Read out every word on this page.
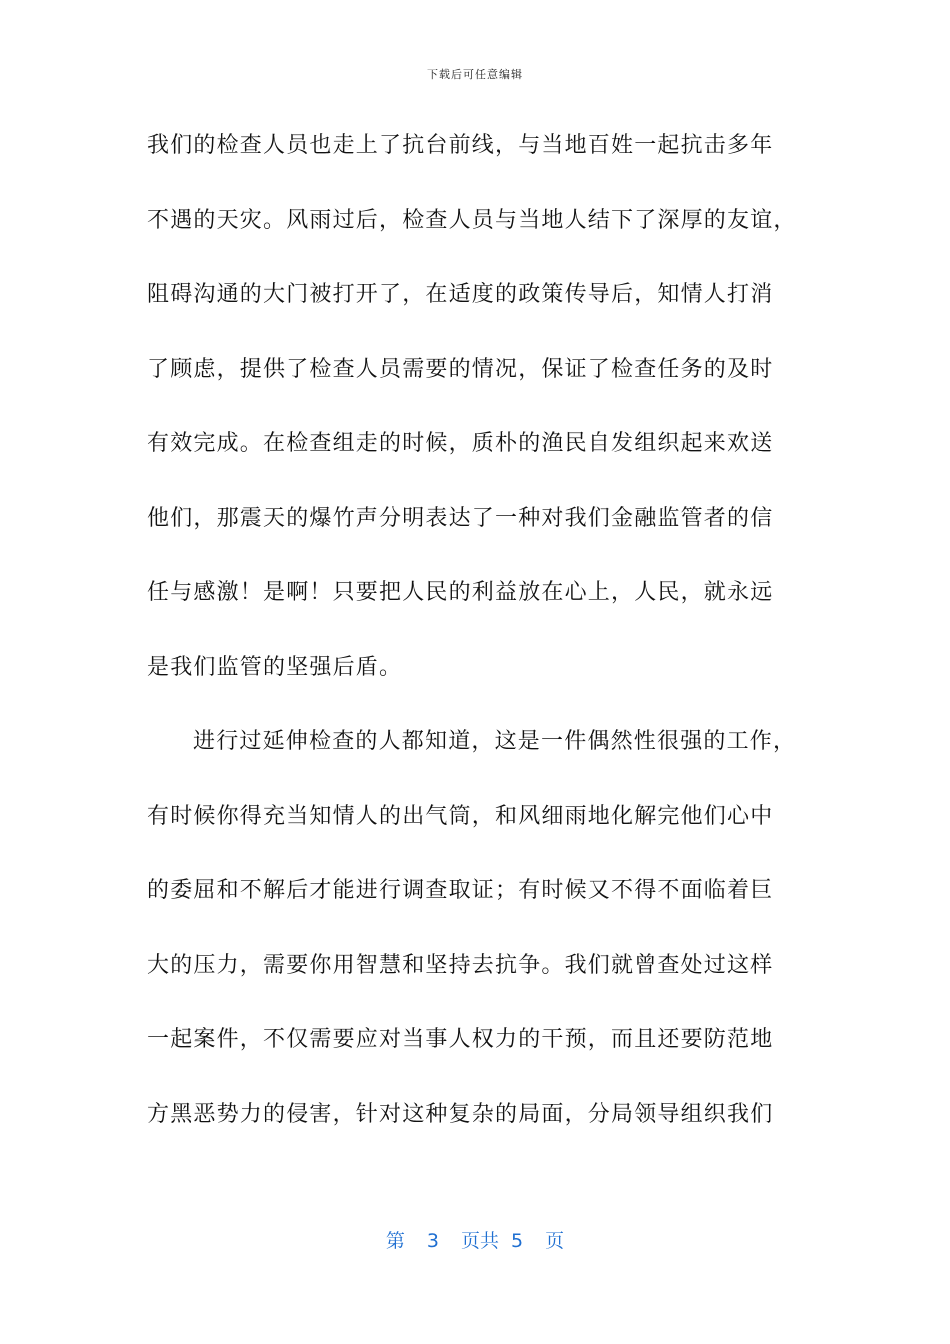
下载后可任意编辑
我们的检查人员也走上了抗台前线，与当地百姓一起抗击多年
不遇的天灾。风雨过后，检查人员与当地人结下了深厚的友谊，
阻碍沟通的大门被打开了，在适度的政策传导后，知情人打消
了顾虑，提供了检查人员需要的情况，保证了检查任务的及时
有效完成。在检查组走的时候，质朴的渔民自发组织起来欢送
他们，那震天的爆竹声分明表达了一种对我们金融监管者的信
任与感激！是啊！只要把人民的利益放在心上，人民，就永远
是我们监管的坚强后盾。
进行过延伸检查的人都知道，这是一件偶然性很强的工作，
有时候你得充当知情人的出气筒，和风细雨地化解完他们心中
的委屈和不解后才能进行调查取证；有时候又不得不面临着巨
大的压力，需要你用智慧和坚持去抗争。我们就曾查处过这样
一起案件，不仅需要应对当事人权力的干预，而且还要防范地
方黑恶势力的侵害，针对这种复杂的局面，分局领导组织我们
第 3 页共 5 页
